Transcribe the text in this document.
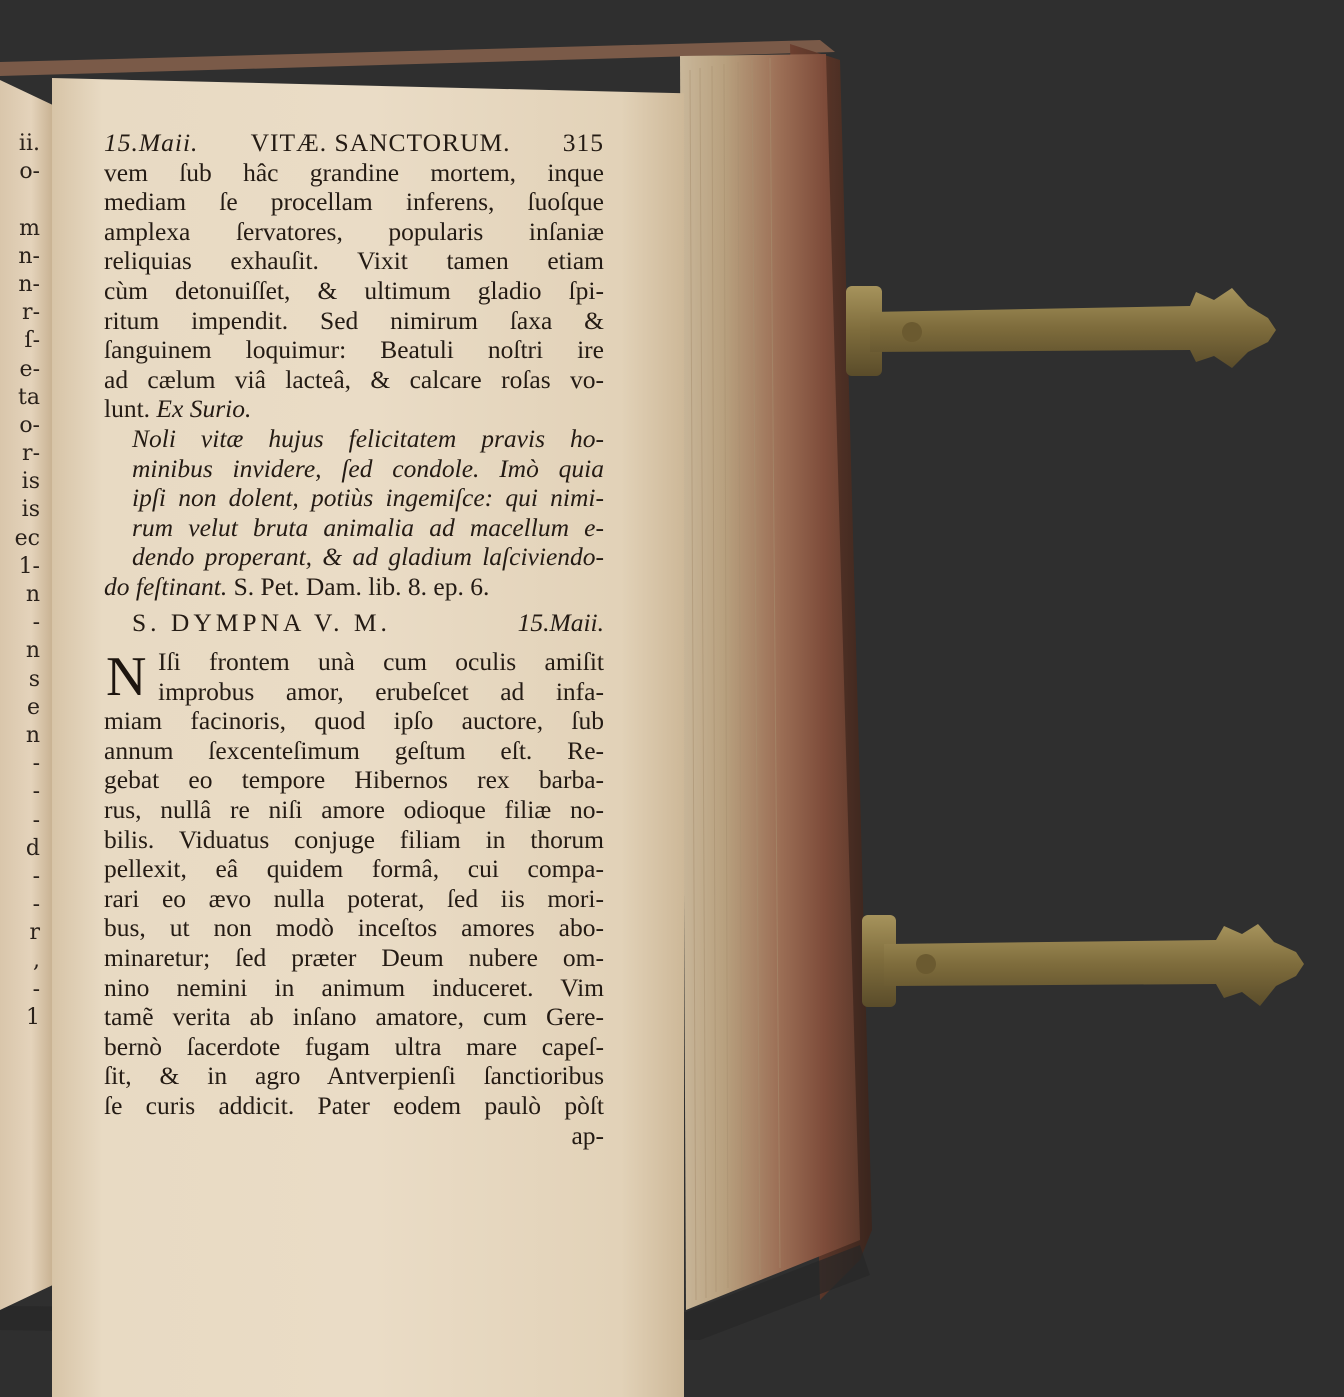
ii.
o-

m
n-
n-
r-
ſ-
e-
ta
o-
r-
is
is
ec
1-
n
-
n
s
e
n
-
-
-
d
-
-
r
,
-
1
15.Maii. VITÆ. SANCTORUM. 315
vem ſub hâc grandine mortem, inque
mediam ſe procellam inferens, ſuoſque
amplexa ſervatores, popularis inſaniæ
reliquias exhauſit. Vixit tamen etiam
cùm detonuiſſet, & ultimum gladio ſpi-
ritum impendit. Sed nimirum ſaxa &
ſanguinem loquimur: Beatuli noſtri ire
ad cælum viâ lacteâ, & calcare roſas vo-
lunt. Ex Surio.
Noli vitæ hujus felicitatem pravis ho-
minibus invidere, ſed condole. Imò quia
ipſi non dolent, potiùs ingemiſce: qui nimi-
rum velut bruta animalia ad macellum e-
dendo properant, & ad gladium laſciviendo-
do feſtinant. S. Pet. Dam. lib. 8. ep. 6.
S. DYMPNA V. M.	15.Maii.
N Iſi frontem unà cum oculis amiſit
improbus amor, erubeſcet ad infa-
miam facinoris, quod ipſo auctore, ſub
annum ſexcenteſimum geſtum eſt. Re-
gebat eo tempore Hibernos rex barba-
rus, nullâ re niſi amore odioque filiæ no-
bilis. Viduatus conjuge filiam in thorum
pellexit, eâ quidem formâ, cui compa-
rari eo ævo nulla poterat, ſed iis mori-
bus, ut non modò inceſtos amores abo-
minaretur; ſed præter Deum nubere om-
nino nemini in animum induceret. Vim
tamẽ verita ab inſano amatore, cum Gere-
bernò ſacerdote fugam ultra mare capeſ-
ſit, & in agro Antverpienſi ſanctioribus
ſe curis addicit. Pater eodem paulò pòſt
ap-
